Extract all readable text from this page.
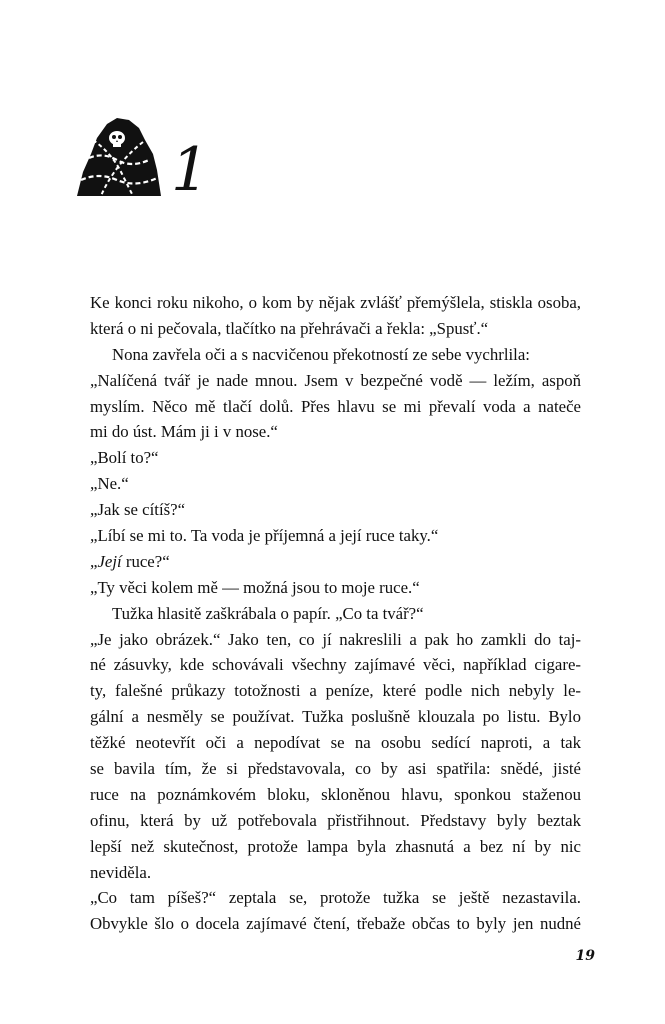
1
Ke konci roku nikoho, o kom by nějak zvlášť přemýšlela, stiskla osoba,
která o ni pečovala, tlačítko na přehrávači a řekla: „Spusť.“
Nona zavřela oči a s nacvičenou překotností ze sebe vychrlila:
„Nalíčená tvář je nade mnou. Jsem v bezpečné vodě — ležím, aspoň
myslím. Něco mě tlačí dolů. Přes hlavu se mi převalí voda a nateče
mi do úst. Mám ji i v nose.“
„Bolí to?“
„Ne.“
„Jak se cítíš?“
„Líbí se mi to. Ta voda je příjemná a její ruce taky.“
„Její ruce?“
„Ty věci kolem mě — možná jsou to moje ruce.“
Tužka hlasitě zaškrábala o papír. „Co ta tvář?“
„Je jako obrázek.“ Jako ten, co jí nakreslili a pak ho zamkli do taj-
né zásuvky, kde schovávali všechny zajímavé věci, například cigare-
ty, falešné průkazy totožnosti a peníze, které podle nich nebyly le-
gální a nesměly se používat. Tužka poslušně klouzala po listu. Bylo
těžké neotevřít oči a nepodívat se na osobu sedící naproti, a tak
se bavila tím, že si představovala, co by asi spatřila: snědé, jisté
ruce na poznámkovém bloku, skloněnou hlavu, sponkou staženou
ofinu, která by už potřebovala přistřihnout. Představy byly beztak
lepší než skutečnost, protože lampa byla zhasnutá a bez ní by nic
neviděla.
„Co tam píšeš?“ zeptala se, protože tužka se ještě nezastavila.
Obvykle šlo o docela zajímavé čtení, třebaže občas to byly jen nudné
19
